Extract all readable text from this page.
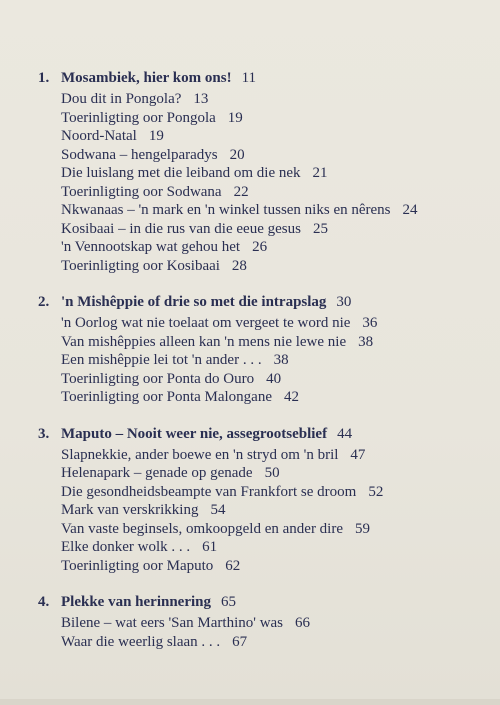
1. Mosambiek, hier kom ons! 11
Dou dit in Pongola? 13
Toerinligting oor Pongola 19
Noord-Natal 19
Sodwana – hengelparadys 20
Die luislang met die leiband om die nek 21
Toerinligting oor Sodwana 22
Nkwanaas – 'n mark en 'n winkel tussen niks en nêrens 24
Kosibaai – in die rus van die eeue gesus 25
'n Vennootskap wat gehou het 26
Toerinligting oor Kosibaai 28
2. 'n Mishêppie of drie so met die intrapslag 30
'n Oorlog wat nie toelaat om vergeet te word nie 36
Van mishêppies alleen kan 'n mens nie lewe nie 38
Een mishêppie lei tot 'n ander . . . 38
Toerinligting oor Ponta do Ouro 40
Toerinligting oor Ponta Malongane 42
3. Maputo – Nooit weer nie, assegrootseblief 44
Slapnekkie, ander boewe en 'n stryd om 'n bril 47
Helenapark – genade op genade 50
Die gesondheidsbeampte van Frankfort se droom 52
Mark van verskrikking 54
Van vaste beginsels, omkoopgeld en ander dire 59
Elke donker wolk . . . 61
Toerinligting oor Maputo 62
4. Plekke van herinnering 65
Bilene – wat eers 'San Marthino' was 66
Waar die weerlig slaan . . . 67
